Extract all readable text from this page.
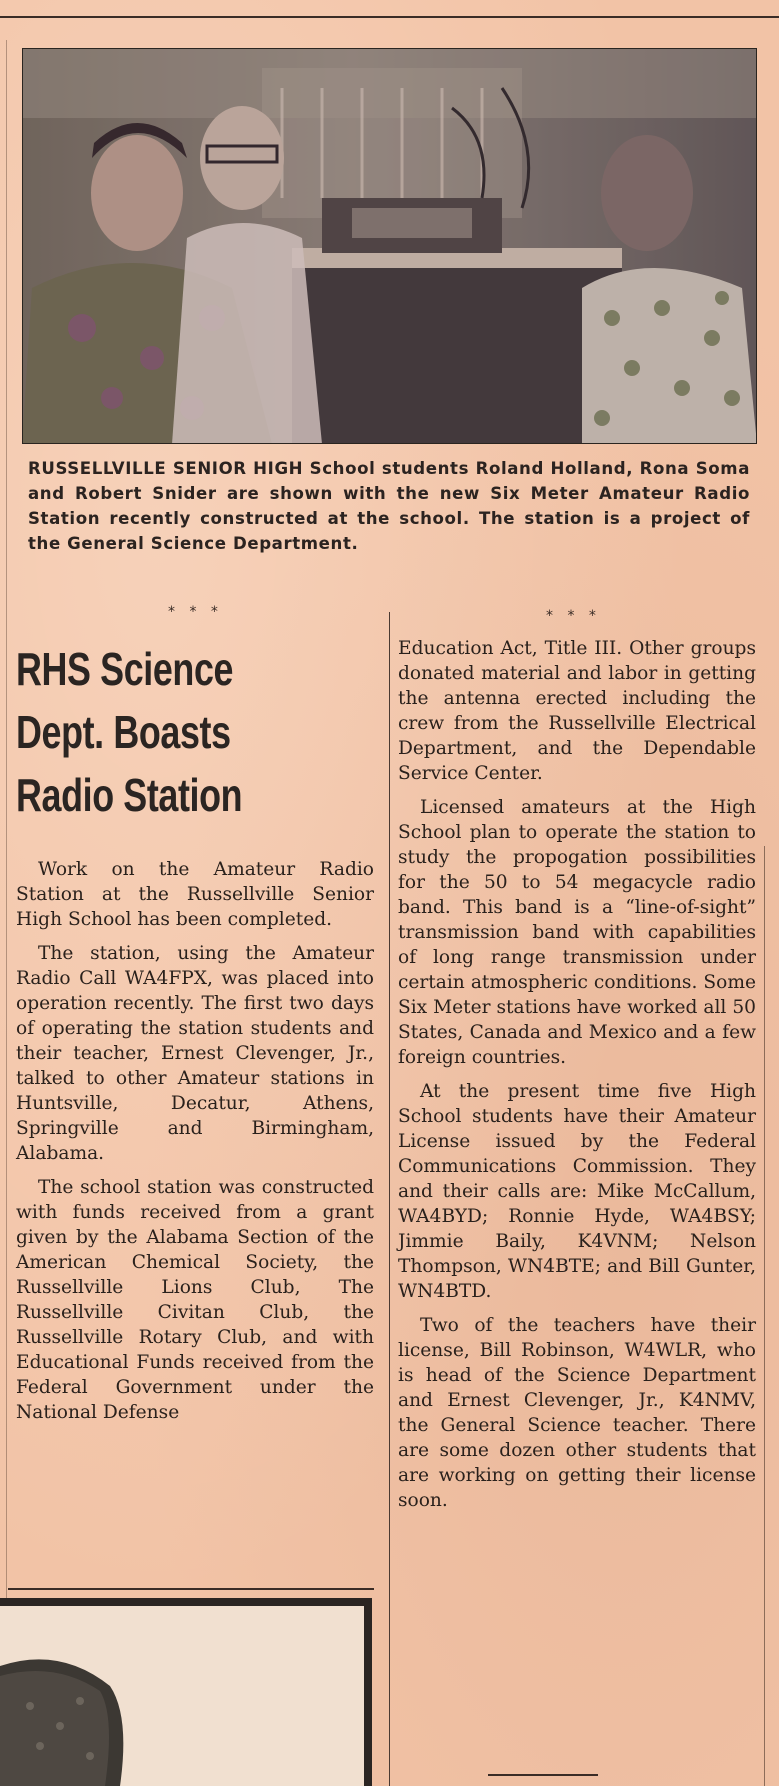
RUSSELLVILLE SENIOR HIGH School students Roland Holland, Rona Soma and Robert Snider are shown with the new Six Meter Amateur Radio Station recently constructed at the school. The station is a project of the General Science Department.

* * *	* * *
RHS Science
Dept. Boasts
Radio Station

Work on the Amateur Radio Station at the Russellville Senior High School has been completed.

The station, using the Amateur Radio Call WA4FPX, was placed into operation recently. The first two days of operating the station students and their teacher, Ernest Clevenger, Jr., talked to other Amateur stations in Huntsville, Decatur, Athens, Springville and Birmingham, Alabama.

The school station was constructed with funds received from a grant given by the Alabama Section of the American Chemical Society, the Russellville Lions Club, The Russellville Civitan Club, the Russellville Rotary Club, and with Educational Funds received from the Federal Government under the National Defense

Education Act, Title III. Other groups donated material and labor in getting the antenna erected including the crew from the Russellville Electrical Department, and the Dependable Service Center.

Licensed amateurs at the High School plan to operate the station to study the propogation possibilities for the 50 to 54 megacycle radio band. This band is a “line-of-sight” transmission band with capabilities of long range transmission under certain atmospheric conditions. Some Six Meter stations have worked all 50 States, Canada and Mexico and a few foreign countries.

At the present time five High School students have their Amateur License issued by the Federal Communications Commission. They and their calls are: Mike McCallum, WA4BYD; Ronnie Hyde, WA4BSY; Jimmie Baily, K4VNM; Nelson Thompson, WN4BTE; and Bill Gunter, WN4BTD.

Two of the teachers have their license, Bill Robinson, W4WLR, who is head of the Science Department and Ernest Clevenger, Jr., K4NMV, the General Science teacher. There are some dozen other students that are working on getting their license soon.
